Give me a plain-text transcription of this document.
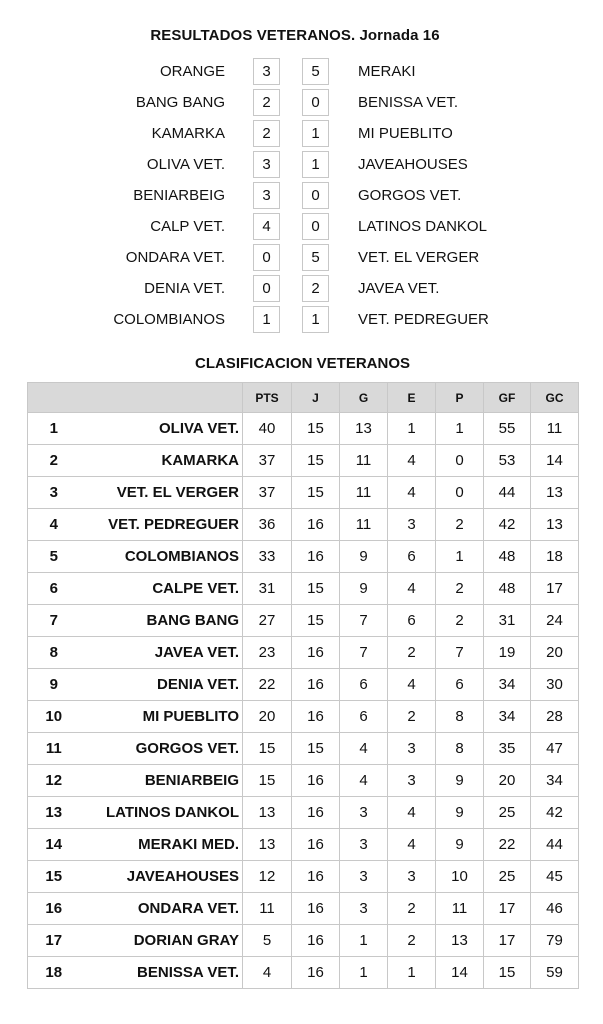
RESULTADOS VETERANOS. Jornada 16
ORANGE	3	5	MERAKI
BANG BANG	2	0	BENISSA VET.
KAMARKA	2	1	MI PUEBLITO
OLIVA VET.	3	1	JAVEAHOUSES
BENIARBEIG	3	0	GORGOS VET.
CALP VET.	4	0	LATINOS DANKOL
ONDARA VET.	0	5	VET. EL VERGER
DENIA VET.	0	2	JAVEA VET.
COLOMBIANOS	1	1	VET. PEDREGUER
CLASIFICACION VETERANOS
		PTS	J	G	E	P	GF	GC
1	OLIVA VET.	40	15	13	1	1	55	11
2	KAMARKA	37	15	11	4	0	53	14
3	VET. EL VERGER	37	15	11	4	0	44	13
4	VET. PEDREGUER	36	16	11	3	2	42	13
5	COLOMBIANOS	33	16	9	6	1	48	18
6	CALPE VET.	31	15	9	4	2	48	17
7	BANG BANG	27	15	7	6	2	31	24
8	JAVEA VET.	23	16	7	2	7	19	20
9	DENIA VET.	22	16	6	4	6	34	30
10	MI PUEBLITO	20	16	6	2	8	34	28
11	GORGOS VET.	15	15	4	3	8	35	47
12	BENIARBEIG	15	16	4	3	9	20	34
13	LATINOS DANKOL	13	16	3	4	9	25	42
14	MERAKI MED.	13	16	3	4	9	22	44
15	JAVEAHOUSES	12	16	3	3	10	25	45
16	ONDARA VET.	11	16	3	2	11	17	46
17	DORIAN GRAY	5	16	1	2	13	17	79
18	BENISSA VET.	4	16	1	1	14	15	59
